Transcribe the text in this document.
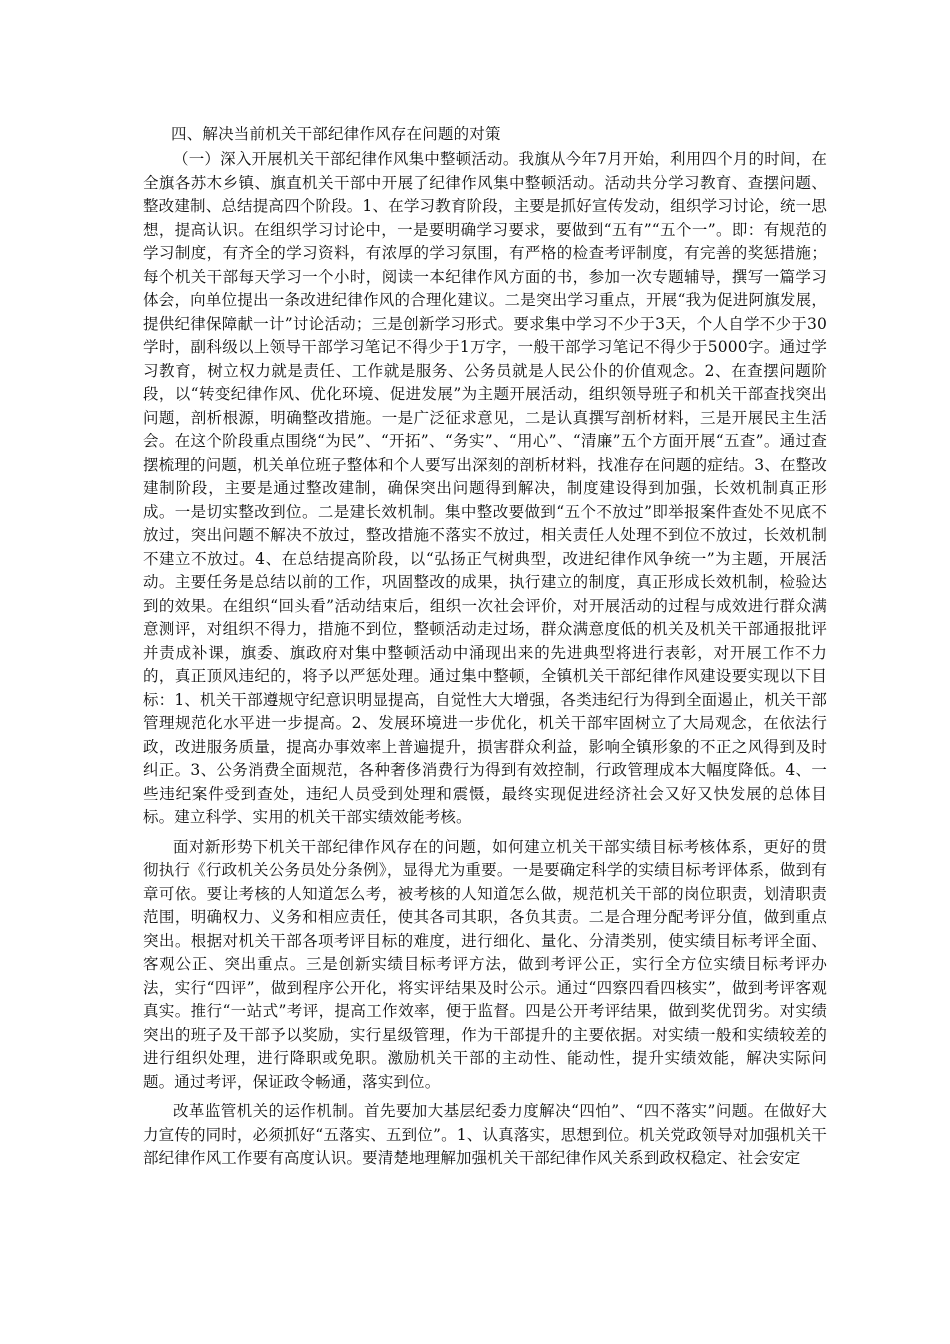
四、解决当前机关干部纪律作风存在问题的对策

（一）深入开展机关干部纪律作风集中整顿活动。我旗从今年7月开始，利用四个月的时间，在全旗各苏木乡镇、旗直机关干部中开展了纪律作风集中整顿活动。活动共分学习教育、查摆问题、整改建制、总结提高四个阶段。1、在学习教育阶段，主要是抓好宣传发动，组织学习讨论，统一思想，提高认识。在组织学习讨论中，一是要明确学习要求，要做到“五有”“五个一”。即：有规范的学习制度，有齐全的学习资料，有浓厚的学习氛围，有严格的检查考评制度，有完善的奖惩措施；每个机关干部每天学习一个小时，阅读一本纪律作风方面的书，参加一次专题辅导，撰写一篇学习体会，向单位提出一条改进纪律作风的合理化建议。二是突出学习重点，开展“我为促进阿旗发展，提供纪律保障献一计”讨论活动；三是创新学习形式。要求集中学习不少于3天，个人自学不少于30学时，副科级以上领导干部学习笔记不得少于1万字，一般干部学习笔记不得少于5000字。通过学习教育，树立权力就是责任、工作就是服务、公务员就是人民公仆的价值观念。2、在查摆问题阶段，以“转变纪律作风、优化环境、促进发展”为主题开展活动，组织领导班子和机关干部查找突出问题，剖析根源，明确整改措施。一是广泛征求意见，二是认真撰写剖析材料，三是开展民主生活会。在这个阶段重点围绕“为民”、“开拓”、“务实”、“用心”、“清廉”五个方面开展“五查”。通过查摆梳理的问题，机关单位班子整体和个人要写出深刻的剖析材料，找准存在问题的症结。3、在整改建制阶段，主要是通过整改建制，确保突出问题得到解决，制度建设得到加强，长效机制真正形成。一是切实整改到位。二是建长效机制。集中整改要做到“五个不放过”即举报案件查处不见底不放过，突出问题不解决不放过，整改措施不落实不放过，相关责任人处理不到位不放过，长效机制不建立不放过。4、在总结提高阶段，以“弘扬正气树典型，改进纪律作风争统一”为主题，开展活动。主要任务是总结以前的工作，巩固整改的成果，执行建立的制度，真正形成长效机制，检验达到的效果。在组织“回头看”活动结束后，组织一次社会评价，对开展活动的过程与成效进行群众满意测评，对组织不得力，措施不到位，整顿活动走过场，群众满意度低的机关及机关干部通报批评并责成补课，旗委、旗政府对集中整顿活动中涌现出来的先进典型将进行表彰，对开展工作不力的，真正顶风违纪的，将予以严惩处理。通过集中整顿，全镇机关干部纪律作风建设要实现以下目标：1、机关干部遵规守纪意识明显提高，自觉性大大增强，各类违纪行为得到全面遏止，机关干部管理规范化水平进一步提高。2、发展环境进一步优化，机关干部牢固树立了大局观念，在依法行政，改进服务质量，提高办事效率上普遍提升，损害群众利益，影响全镇形象的不正之风得到及时纠正。3、公务消费全面规范，各种奢侈消费行为得到有效控制，行政管理成本大幅度降低。4、一些违纪案件受到查处，违纪人员受到处理和震慑，最终实现促进经济社会又好又快发展的总体目标。建立科学、实用的机关干部实绩效能考核。

面对新形势下机关干部纪律作风存在的问题，如何建立机关干部实绩目标考核体系，更好的贯彻执行《行政机关公务员处分条例》，显得尤为重要。一是要确定科学的实绩目标考评体系，做到有章可依。要让考核的人知道怎么考，被考核的人知道怎么做，规范机关干部的岗位职责，划清职责范围，明确权力、义务和相应责任，使其各司其职，各负其责。二是合理分配考评分值，做到重点突出。根据对机关干部各项考评目标的难度，进行细化、量化、分清类别，使实绩目标考评全面、客观公正、突出重点。三是创新实绩目标考评方法，做到考评公正，实行全方位实绩目标考评办法，实行“四评”，做到程序公开化，将实评结果及时公示。通过“四察四看四核实”，做到考评客观真实。推行“一站式”考评，提高工作效率，便于监督。四是公开考评结果，做到奖优罚劣。对实绩突出的班子及干部予以奖励，实行星级管理，作为干部提升的主要依据。对实绩一般和实绩较差的进行组织处理，进行降职或免职。激励机关干部的主动性、能动性，提升实绩效能，解决实际问题。通过考评，保证政令畅通，落实到位。

改革监管机关的运作机制。首先要加大基层纪委力度解决“四怕”、“四不落实”问题。在做好大力宣传的同时，必须抓好“五落实、五到位”。1、认真落实，思想到位。机关党政领导对加强机关干部纪律作风工作要有高度认识。要清楚地理解加强机关干部纪律作风关系到政权稳定、社会安定
